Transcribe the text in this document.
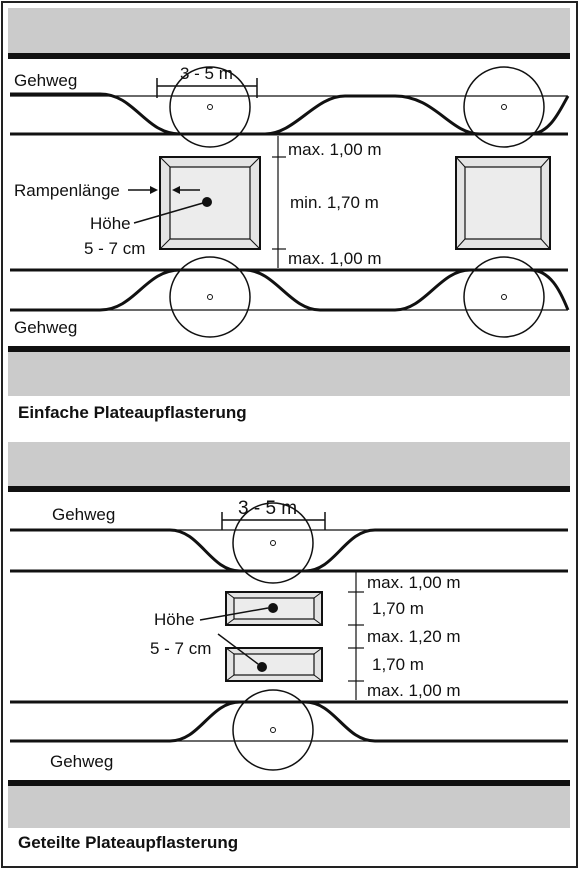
3 - 5 m
Gehweg
Rampenlänge
Höhe
5 - 7 cm
max. 1,00 m
min. 1,70 m
max. 1,00 m
Gehweg
Einfache Plateaupflasterung
Gehweg	3 - 5 m
Höhe
5 - 7 cm
max. 1,00 m
1,70 m
max. 1,20 m
1,70 m
max. 1,00 m
Gehweg
Geteilte Plateaupflasterung
